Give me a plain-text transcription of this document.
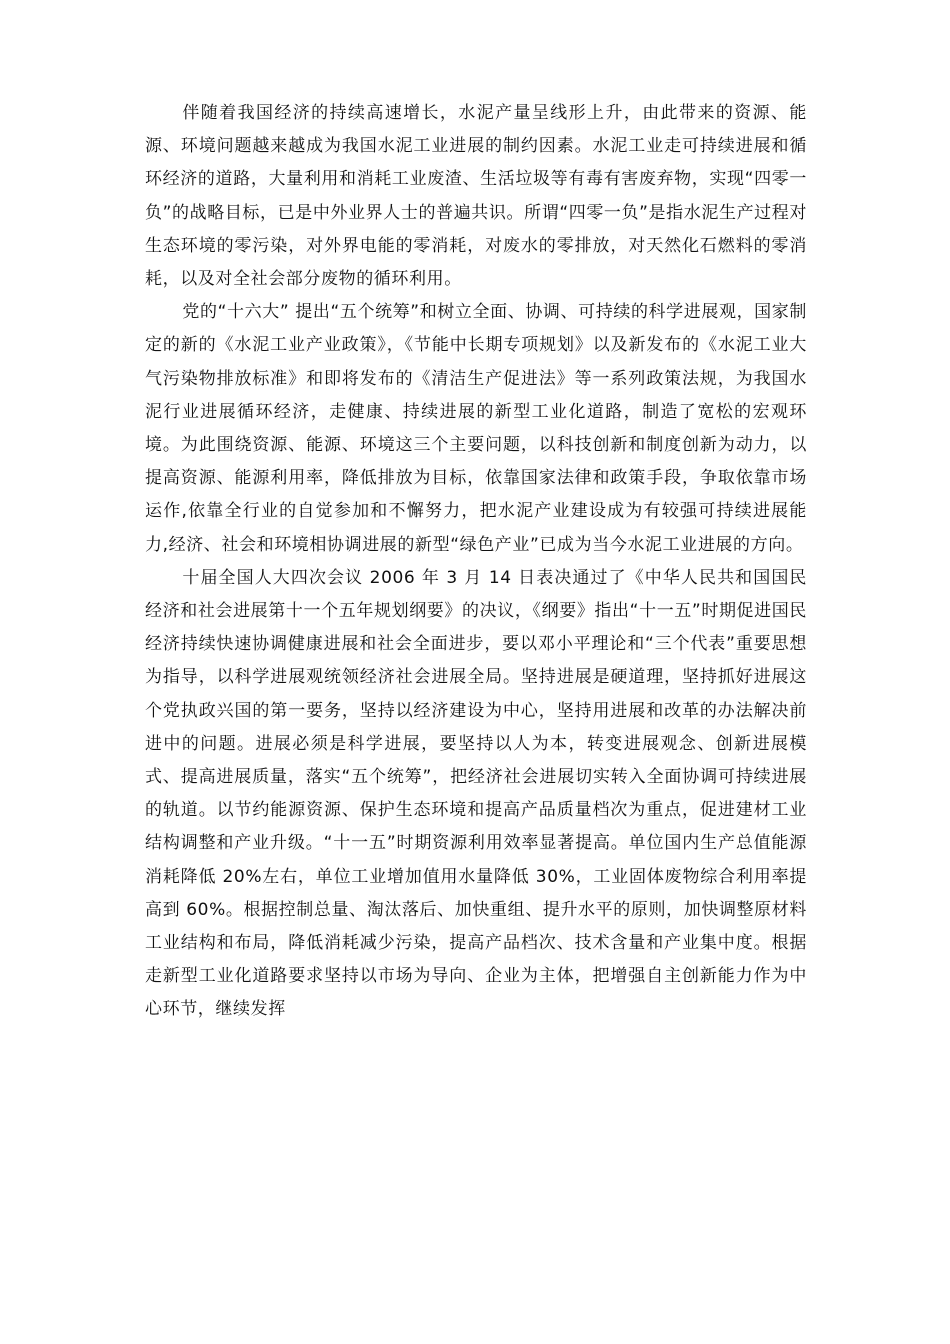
伴随着我国经济的持续高速增长，水泥产量呈线形上升，由此带来的资源、能源、环境问题越来越成为我国水泥工业进展的制约因素。水泥工业走可持续进展和循环经济的道路，大量利用和消耗工业废渣、生活垃圾等有毒有害废弃物，实现“四零一负”的战略目标，已是中外业界人士的普遍共识。所谓“四零一负”是指水泥生产过程对生态环境的零污染，对外界电能的零消耗，对废水的零排放，对天然化石燃料的零消耗，以及对全社会部分废物的循环利用。

党的“十六大” 提出“五个统筹”和树立全面、协调、可持续的科学进展观，国家制定的新的《水泥工业产业政策》，《节能中长期专项规划》以及新发布的《水泥工业大气污染物排放标准》和即将发布的《清洁生产促进法》等一系列政策法规，为我国水泥行业进展循环经济，走健康、持续进展的新型工业化道路，制造了宽松的宏观环境。为此围绕资源、能源、环境这三个主要问题，以科技创新和制度创新为动力，以提高资源、能源利用率，降低排放为目标，依靠国家法律和政策手段，争取依靠市场运作,依靠全行业的自觉参加和不懈努力，把水泥产业建设成为有较强可持续进展能力,经济、社会和环境相协调进展的新型“绿色产业”已成为当今水泥工业进展的方向。

十届全国人大四次会议 2006 年 3 月 14 日表决通过了《中华人民共和国国民经济和社会进展第十一个五年规划纲要》的决议，《纲要》指出“十一五”时期促进国民经济持续快速协调健康进展和社会全面进步，要以邓小平理论和“三个代表”重要思想为指导，以科学进展观统领经济社会进展全局。坚持进展是硬道理，坚持抓好进展这个党执政兴国的第一要务，坚持以经济建设为中心，坚持用进展和改革的办法解决前进中的问题。进展必须是科学进展，要坚持以人为本，转变进展观念、创新进展模式、提高进展质量，落实“五个统筹”，把经济社会进展切实转入全面协调可持续进展的轨道。以节约能源资源、保护生态环境和提高产品质量档次为重点，促进建材工业结构调整和产业升级。“十一五”时期资源利用效率显著提高。单位国内生产总值能源消耗降低 20%左右，单位工业增加值用水量降低 30%，工业固体废物综合利用率提高到 60%。根据控制总量、淘汰落后、加快重组、提升水平的原则，加快调整原材料工业结构和布局，降低消耗减少污染，提高产品档次、技术含量和产业集中度。根据走新型工业化道路要求坚持以市场为导向、企业为主体，把增强自主创新能力作为中心环节，继续发挥
